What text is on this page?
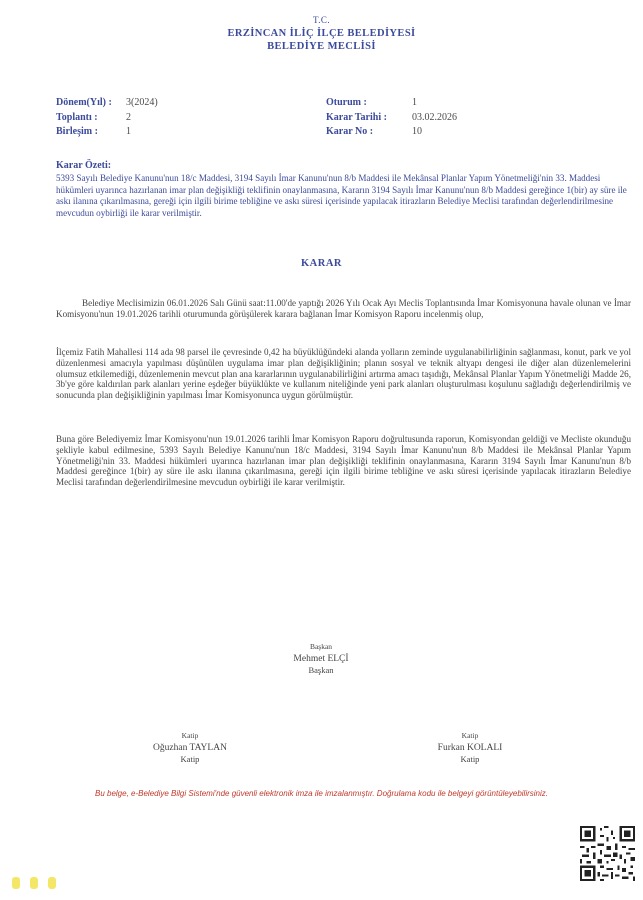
T.C.
ERZİNCAN İLİÇ İLÇE BELEDİYESİ
BELEDİYE MECLİSİ
Dönem(Yıl) :	3(2024)	Oturum :	1
Toplantı :	2	Karar Tarihi :	03.02.2026
Birleşim :	1	Karar No :	10
Karar Özeti:
5393 Sayılı Belediye Kanunu'nun 18/c Maddesi, 3194 Sayılı İmar Kanunu'nun 8/b Maddesi ile Mekânsal Planlar Yapım Yönetmeliği'nin 33. Maddesi hükümleri uyarınca hazırlanan imar plan değişikliği teklifinin onaylanmasına, Kararın 3194 Sayılı İmar Kanunu'nun 8/b Maddesi gereğince 1(bir) ay süre ile askı ilanına çıkarılmasına, gereği için ilgili birime tebliğine ve askı süresi içerisinde yapılacak itirazların Belediye Meclisi tarafından değerlendirilmesine mevcudun oybirliği ile karar verilmiştir.
KARAR
Belediye Meclisimizin 06.01.2026 Salı Günü saat:11.00'de yaptığı 2026 Yılı Ocak Ayı Meclis Toplantısında İmar Komisyonuna havale olunan ve İmar Komisyonu'nun 19.01.2026 tarihli oturumunda görüşülerek karara bağlanan İmar Komisyon Raporu incelenmiş olup,
İlçemiz Fatih Mahallesi 114 ada 98 parsel ile çevresinde 0,42 ha büyüklüğündeki alanda yolların zeminde uygulanabilirliğinin sağlanması, konut, park ve yol düzenlenmesi amacıyla yapılması düşünülen uygulama imar plan değişikliğinin; planın sosyal ve teknik altyapı dengesi ile diğer alan düzenlemelerini olumsuz etkilemediği, düzenlemenin mevcut plan ana kararlarının uygulanabilirliğini artırma amacı taşıdığı, Mekânsal Planlar Yapım Yönetmeliği Madde 26, 3b'ye göre kaldırılan park alanları yerine eşdeğer büyüklükte ve kullanım niteliğinde yeni park alanları oluşturulması koşulunu sağladığı değerlendirilmiş ve sonucunda plan değişikliğinin yapılması İmar Komisyonunca uygun görülmüştür.
Buna göre Belediyemiz İmar Komisyonu'nun 19.01.2026 tarihli İmar Komisyon Raporu doğrultusunda raporun, Komisyondan geldiği ve Mecliste okunduğu şekliyle kabul edilmesine, 5393 Sayılı Belediye Kanunu'nun 18/c Maddesi, 3194 Sayılı İmar Kanunu'nun 8/b Maddesi ile Mekânsal Planlar Yapım Yönetmeliği'nin 33. Maddesi hükümleri uyarınca hazırlanan imar plan değişikliği teklifinin onaylanmasına, Kararın 3194 Sayılı İmar Kanunu'nun 8/b Maddesi gereğince 1(bir) ay süre ile askı ilanına çıkarılmasına, gereği için ilgili birime tebliğine ve askı süresi içerisinde yapılacak itirazların Belediye Meclisi tarafından değerlendirilmesine mevcudun oybirliği ile karar verilmiştir.
Başkan
Mehmet ELÇİ
Başkan
Katip
Oğuzhan TAYLAN
Katip
Katip
Furkan KOLALI
Katip
Bu belge, e-Belediye Bilgi Sistemi'nde güvenli elektronik imza ile imzalanmıştır. Doğrulama kodu ile belgeyi görüntüleyebilirsiniz.
